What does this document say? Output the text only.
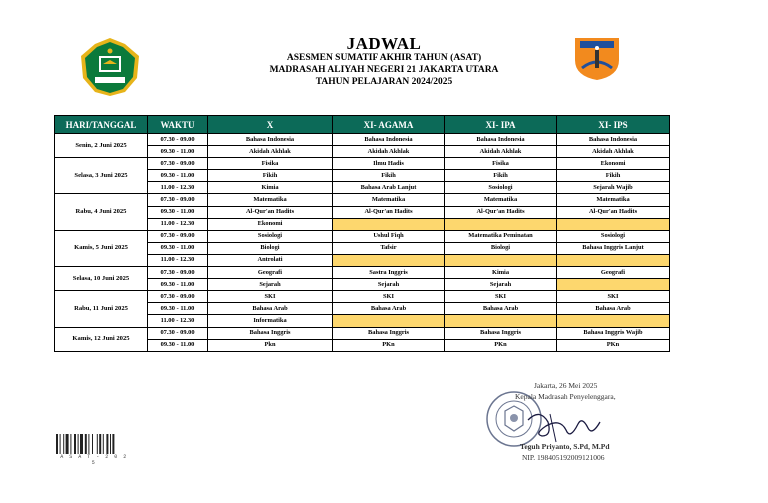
JADWAL
ASESMEN SUMATIF AKHIR TAHUN (ASAT)
MADRASAH ALIYAH NEGERI 21 JAKARTA UTARA
TAHUN PELAJARAN 2024/2025
HARI/TANGGAL	WAKTU	X	XI- AGAMA	XI- IPA	XI- IPS
Senin, 2 Juni 2025	07.30 - 09.00	Bahasa Indonesia	Bahasa Indonesia	Bahasa Indonesia	Bahasa Indonesia
	09.30 - 11.00	Akidah Akhlak	Akidah Akhlak	Akidah Akhlak	Akidah Akhlak
Selasa, 3 Juni 2025	07.30 - 09.00	Fisika	Ilmu Hadis	Fisika	Ekonomi
	09.30 - 11.00	Fikih	Fikih	Fikih	Fikih
	11.00 - 12.30	Kimia	Bahasa Arab Lanjut	Sosiologi	Sejarah Wajib
Rabu, 4 Juni 2025	07.30 - 09.00	Matematika	Matematika	Matematika	Matematika
	09.30 - 11.00	Al-Qur'an Hadits	Al-Qur'an Hadits	Al-Qur'an Hadits	Al-Qur'an Hadits
	11.00 - 12.30	Ekonomi			
Kamis, 5 Juni 2025	07.30 - 09.00	Sosiologi	Ushul Fiqh	Matematika Peminatan	Sosiologi
	09.30 - 11.00	Biologi	Tafsir	Biologi	Bahasa Inggris Lanjut
	11.00 - 12.30	Antrolati			
Selasa, 10 Juni 2025	07.30 - 09.00	Geografi	Sastra Inggris	Kimia	Geografi
	09.30 - 11.00	Sejarah	Sejarah	Sejarah	
Rabu, 11 Juni 2025	07.30 - 09.00	SKI	SKI	SKI	SKI
	09.30 - 11.00	Bahasa Arab	Bahasa Arab	Bahasa Arab	Bahasa Arab
	11.00 - 12.30	Informatika			
Kamis, 12 Juni 2025	07.30 - 09.00	Bahasa Inggris	Bahasa Inggris	Bahasa Inggris	Bahasa Inggris Wajib
	09.30 - 11.00	Pkn	PKn	PKn	PKn
Jakarta, 26 Mei 2025
Kepala Madrasah Penyelenggara,
Teguh Priyanto, S.Pd, M.Pd
NIP. 198405192009121006
A S A T - 2 0 2 5
